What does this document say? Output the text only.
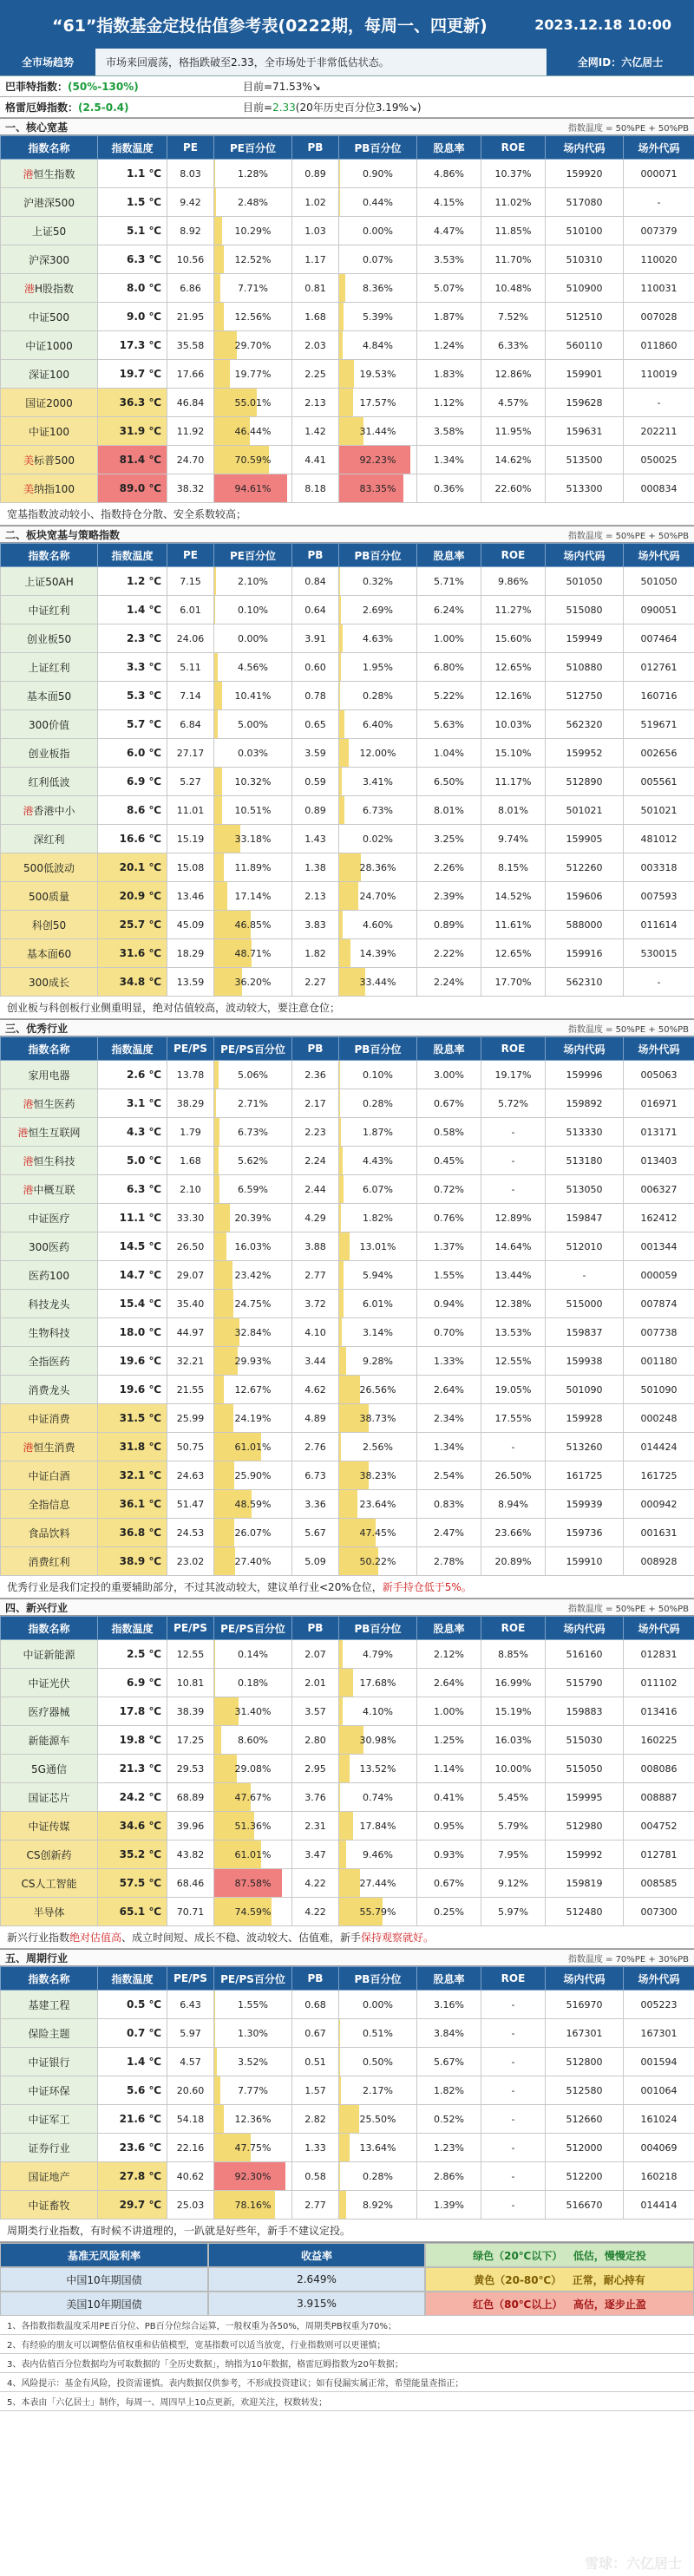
“61”指数基金定投估值参考表(0222期，每周一、四更新)	2023.12.18 10:00
全市场趋势	市场来回震荡，格指跌破至2.33，全市场处于非常低估状态。	全网ID：六亿居士
巴菲特指数：(50%-130%)	目前=71.53%↘
格雷厄姆指数：(2.5-0.4)	目前=2.33(20年历史百分位3.19%↘)
一、核心宽基	指数温度 = 50%PE + 50%PB
指数名称	指数温度	PE	PE百分位	PB	PB百分位	股息率	ROE	场内代码	场外代码
港恒生指数	1.1 ℃	8.03	1.28%	0.89	0.90%	4.86%	10.37%	159920	000071
沪港深500	1.5 ℃	9.42	2.48%	1.02	0.44%	4.15%	11.02%	517080	-
上证50	5.1 ℃	8.92	10.29%	1.03	0.00%	4.47%	11.85%	510100	007379
沪深300	6.3 ℃	10.56	12.52%	1.17	0.07%	3.53%	11.70%	510310	110020
港H股指数	8.0 ℃	6.86	7.71%	0.81	8.36%	5.07%	10.48%	510900	110031
中证500	9.0 ℃	21.95	12.56%	1.68	5.39%	1.87%	7.52%	512510	007028
中证1000	17.3 ℃	35.58	29.70%	2.03	4.84%	1.24%	6.33%	560110	011860
深证100	19.7 ℃	17.66	19.77%	2.25	19.53%	1.83%	12.86%	159901	110019
国证2000	36.3 ℃	46.84	55.01%	2.13	17.57%	1.12%	4.57%	159628	-
中证100	31.9 ℃	11.92	46.44%	1.42	31.44%	3.58%	11.95%	159631	202211
美标普500	81.4 ℃	24.70	70.59%	4.41	92.23%	1.34%	14.62%	513500	050025
美纳指100	89.0 ℃	38.32	94.61%	8.18	83.35%	0.36%	22.60%	513300	000834
宽基指数波动较小、指数持仓分散、安全系数较高；
二、板块宽基与策略指数	指数温度 = 50%PE + 50%PB
指数名称	指数温度	PE	PE百分位	PB	PB百分位	股息率	ROE	场内代码	场外代码
上证50AH	1.2 ℃	7.15	2.10%	0.84	0.32%	5.71%	9.86%	501050	501050
中证红利	1.4 ℃	6.01	0.10%	0.64	2.69%	6.24%	11.27%	515080	090051
创业板50	2.3 ℃	24.06	0.00%	3.91	4.63%	1.00%	15.60%	159949	007464
上证红利	3.3 ℃	5.11	4.56%	0.60	1.95%	6.80%	12.65%	510880	012761
基本面50	5.3 ℃	7.14	10.41%	0.78	0.28%	5.22%	12.16%	512750	160716
300价值	5.7 ℃	6.84	5.00%	0.65	6.40%	5.63%	10.03%	562320	519671
创业板指	6.0 ℃	27.17	0.03%	3.59	12.00%	1.04%	15.10%	159952	002656
红利低波	6.9 ℃	5.27	10.32%	0.59	3.41%	6.50%	11.17%	512890	005561
港香港中小	8.6 ℃	11.01	10.51%	0.89	6.73%	8.01%	8.01%	501021	501021
深红利	16.6 ℃	15.19	33.18%	1.43	0.02%	3.25%	9.74%	159905	481012
500低波动	20.1 ℃	15.08	11.89%	1.38	28.36%	2.26%	8.15%	512260	003318
500质量	20.9 ℃	13.46	17.14%	2.13	24.70%	2.39%	14.52%	159606	007593
科创50	25.7 ℃	45.09	46.85%	3.83	4.60%	0.89%	11.61%	588000	011614
基本面60	31.6 ℃	18.29	48.71%	1.82	14.39%	2.22%	12.65%	159916	530015
300成长	34.8 ℃	13.59	36.20%	2.27	33.44%	2.24%	17.70%	562310	-
创业板与科创板行业侧重明显，绝对估值较高，波动较大，要注意仓位；
三、优秀行业	指数温度 = 50%PE + 50%PB
指数名称	指数温度	PE/PS	PE/PS百分位	PB	PB百分位	股息率	ROE	场内代码	场外代码
家用电器	2.6 ℃	13.78	5.06%	2.36	0.10%	3.00%	19.17%	159996	005063
港恒生医药	3.1 ℃	38.29	2.71%	2.17	0.28%	0.67%	5.72%	159892	016971
港恒生互联网	4.3 ℃	1.79	6.73%	2.23	1.87%	0.58%	-	513330	013171
港恒生科技	5.0 ℃	1.68	5.62%	2.24	4.43%	0.45%	-	513180	013403
港中概互联	6.3 ℃	2.10	6.59%	2.44	6.07%	0.72%	-	513050	006327
中证医疗	11.1 ℃	33.30	20.39%	4.29	1.82%	0.76%	12.89%	159847	162412
300医药	14.5 ℃	26.50	16.03%	3.88	13.01%	1.37%	14.64%	512010	001344
医药100	14.7 ℃	29.07	23.42%	2.77	5.94%	1.55%	13.44%	-	000059
科技龙头	15.4 ℃	35.40	24.75%	3.72	6.01%	0.94%	12.38%	515000	007874
生物科技	18.0 ℃	44.97	32.84%	4.10	3.14%	0.70%	13.53%	159837	007738
全指医药	19.6 ℃	32.21	29.93%	3.44	9.28%	1.33%	12.55%	159938	001180
消费龙头	19.6 ℃	21.55	12.67%	4.62	26.56%	2.64%	19.05%	501090	501090
中证消费	31.5 ℃	25.99	24.19%	4.89	38.73%	2.34%	17.55%	159928	000248
港恒生消费	31.8 ℃	50.75	61.01%	2.76	2.56%	1.34%	-	513260	014424
中证白酒	32.1 ℃	24.63	25.90%	6.73	38.23%	2.54%	26.50%	161725	161725
全指信息	36.1 ℃	51.47	48.59%	3.36	23.64%	0.83%	8.94%	159939	000942
食品饮料	36.8 ℃	24.53	26.07%	5.67	47.45%	2.47%	23.66%	159736	001631
消费红利	38.9 ℃	23.02	27.40%	5.09	50.22%	2.78%	20.89%	159910	008928
优秀行业是我们定投的重要辅助部分，不过其波动较大，建议单行业<20%仓位， 新手持仓低于5%。
四、新兴行业	指数温度 = 50%PE + 50%PB
指数名称	指数温度	PE/PS	PE/PS百分位	PB	PB百分位	股息率	ROE	场内代码	场外代码
中证新能源	2.5 ℃	12.55	0.14%	2.07	4.79%	2.12%	8.85%	516160	012831
中证光伏	6.9 ℃	10.81	0.18%	2.01	17.68%	2.64%	16.99%	515790	011102
医疗器械	17.8 ℃	38.39	31.40%	3.57	4.10%	1.00%	15.19%	159883	013416
新能源车	19.8 ℃	17.25	8.60%	2.80	30.98%	1.25%	16.03%	515030	160225
5G通信	21.3 ℃	29.53	29.08%	2.95	13.52%	1.14%	10.00%	515050	008086
国证芯片	24.2 ℃	68.89	47.67%	3.76	0.74%	0.41%	5.45%	159995	008887
中证传媒	34.6 ℃	39.96	51.36%	2.31	17.84%	0.95%	5.79%	512980	004752
CS创新药	35.2 ℃	43.82	61.01%	3.47	9.46%	0.93%	7.95%	159992	012781
CS人工智能	57.5 ℃	68.46	87.58%	4.22	27.44%	0.67%	9.12%	159819	008585
半导体	65.1 ℃	70.71	74.59%	4.22	55.79%	0.25%	5.97%	512480	007300
新兴行业指数 绝对估值高 、成立时间短、成长不稳、波动较大、估值难，新手 保持观察就好。
五、周期行业	指数温度 = 70%PE + 30%PB
指数名称	指数温度	PE/PS	PE/PS百分位	PB	PB百分位	股息率	ROE	场内代码	场外代码
基建工程	0.5 ℃	6.43	1.55%	0.68	0.00%	3.16%	-	516970	005223
保险主题	0.7 ℃	5.97	1.30%	0.67	0.51%	3.84%	-	167301	167301
中证银行	1.4 ℃	4.57	3.52%	0.51	0.50%	5.67%	-	512800	001594
中证环保	5.6 ℃	20.60	7.77%	1.57	2.17%	1.82%	-	512580	001064
中证军工	21.6 ℃	54.18	12.36%	2.82	25.50%	0.52%	-	512660	161024
证券行业	23.6 ℃	22.16	47.75%	1.33	13.64%	1.23%	-	512000	004069
国证地产	27.8 ℃	40.62	92.30%	0.58	0.28%	2.86%	-	512200	160218
中证畜牧	29.7 ℃	25.03	78.16%	2.77	8.92%	1.39%	-	516670	014414
周期类行业指数，有时候不讲道理的，一趴就是好些年，新手不建议定投。
基准无风险利率	收益率	绿色（20℃以下）
低估，慢慢定投
中国10年期国债	2.649%	黄色（20-80℃）
正常，耐心持有
美国10年期国债	3.915%	红色（80℃以上）
高估，逐步止盈
1、各指数指数温度采用PE百分位、PB百分位综合运算，一般权重为各50%，周期类PB权重为70%；
2、有经验的朋友可以调整估值权重和估值模型，宽基指数可以适当放宽，行业指数则可以更谨慎；
3、表内估值百分位数据均为可取数据的「全历史数据」，纳指为10年数据，格雷厄姆指数为20年数据；
4、风险提示：基金有风险，投资需谨慎。表内数据仅供参考，不形成投资建议；如有侵漏实属正常，希望能量查指正；
5、本表由「六亿居士」制作，每周一、周四早上10点更新，欢迎关注，权数转发；
雪球：六亿居士
